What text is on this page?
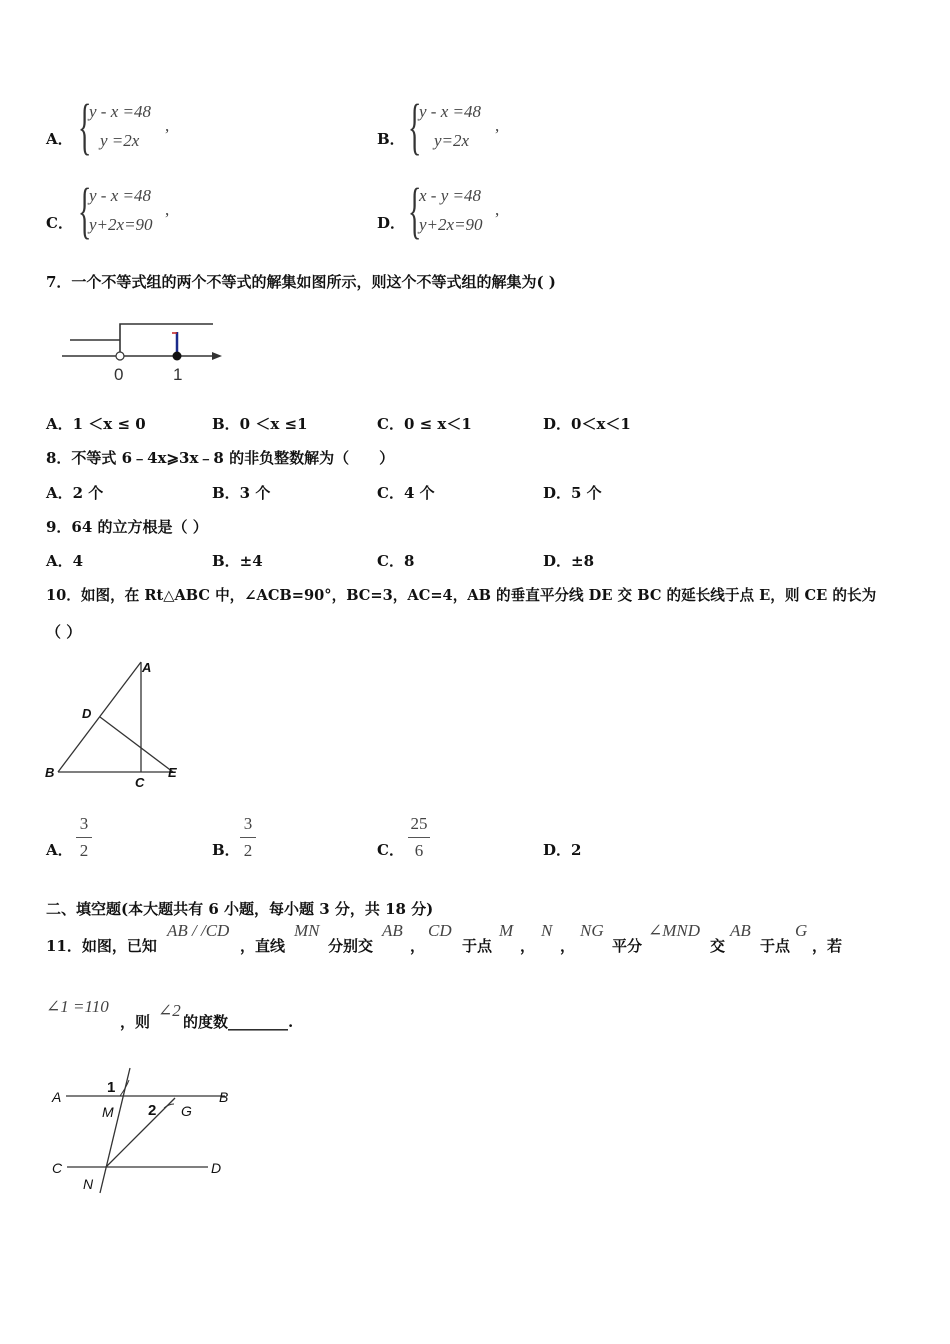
A． {
y - x =48
y =2x
,
B． {
y - x =48
y=2x
,
C． {
y - x =48
y+2x=90
,
D． {
x - y =48
y+2x=90
,
7．一个不等式组的两个不等式的解集如图所示，则这个不等式组的解集为( )
0	1
A．1 ＜x ≤ 0	B．0 ＜x ≤1	C．0 ≤ x＜1	D．0＜x＜1
8．不等式 6﹣4x⩾3x﹣8 的非负整数解为（　　）
A．2 个	B．3 个	C．4 个	D．5 个
9．64 的立方根是（ ）
A．4	B．±4	C．8	D．±8
10．如图，在 Rt△ABC 中，∠ACB=90°，BC=3，AC=4，AB 的垂直平分线 DE 交 BC 的延长线于点 E，则 CE 的长为
（ ）
A
D
B
C
E
A．
3
2	B．
3
2	C．
25
6	D．2
二、填空题(本大题共有 6 小题，每小题 3 分，共 18 分)
11．如图，已知
AB / /CD
，直线
MN
分别交
AB
，
CD
于点
M
，
N
，
NG
平分
∠MND
交
AB
于点
G
，若
∠1 =110
，则
∠2
的度数________.
A
1
B
M 2 G
C
N
D
